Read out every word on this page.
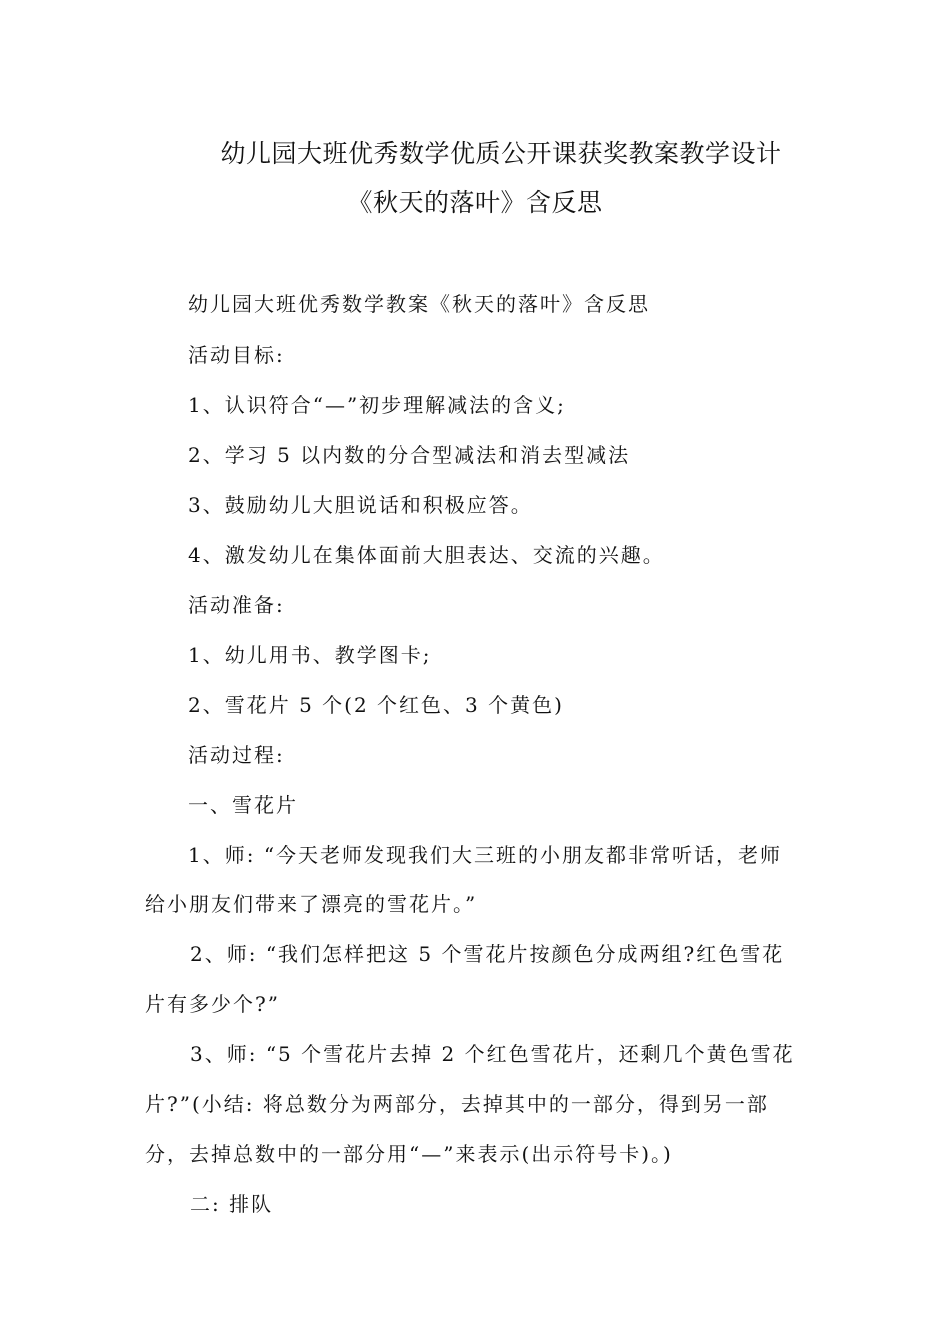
幼儿园大班优秀数学优质公开课获奖教案教学设计
《秋天的落叶》含反思
幼儿园大班优秀数学教案《秋天的落叶》含反思
活动目标:
1、认识符合“—”初步理解减法的含义;
2、学习 5 以内数的分合型减法和消去型减法
3、鼓励幼儿大胆说话和积极应答。
4、激发幼儿在集体面前大胆表达、交流的兴趣。
活动准备:
1、幼儿用书、教学图卡;
2、雪花片 5 个(2 个红色、3 个黄色)
活动过程:
一、雪花片
1、师: “今天老师发现我们大三班的小朋友都非常听话，老师
给小朋友们带来了漂亮的雪花片。”
2、师: “我们怎样把这 5 个雪花片按颜色分成两组?红色雪花
片有多少个?”
3、师: “5 个雪花片去掉 2 个红色雪花片，还剩几个黄色雪花
片?”(小结: 将总数分为两部分，去掉其中的一部分，得到另一部
分，去掉总数中的一部分用“—”来表示(出示符号卡)。)
二: 排队
